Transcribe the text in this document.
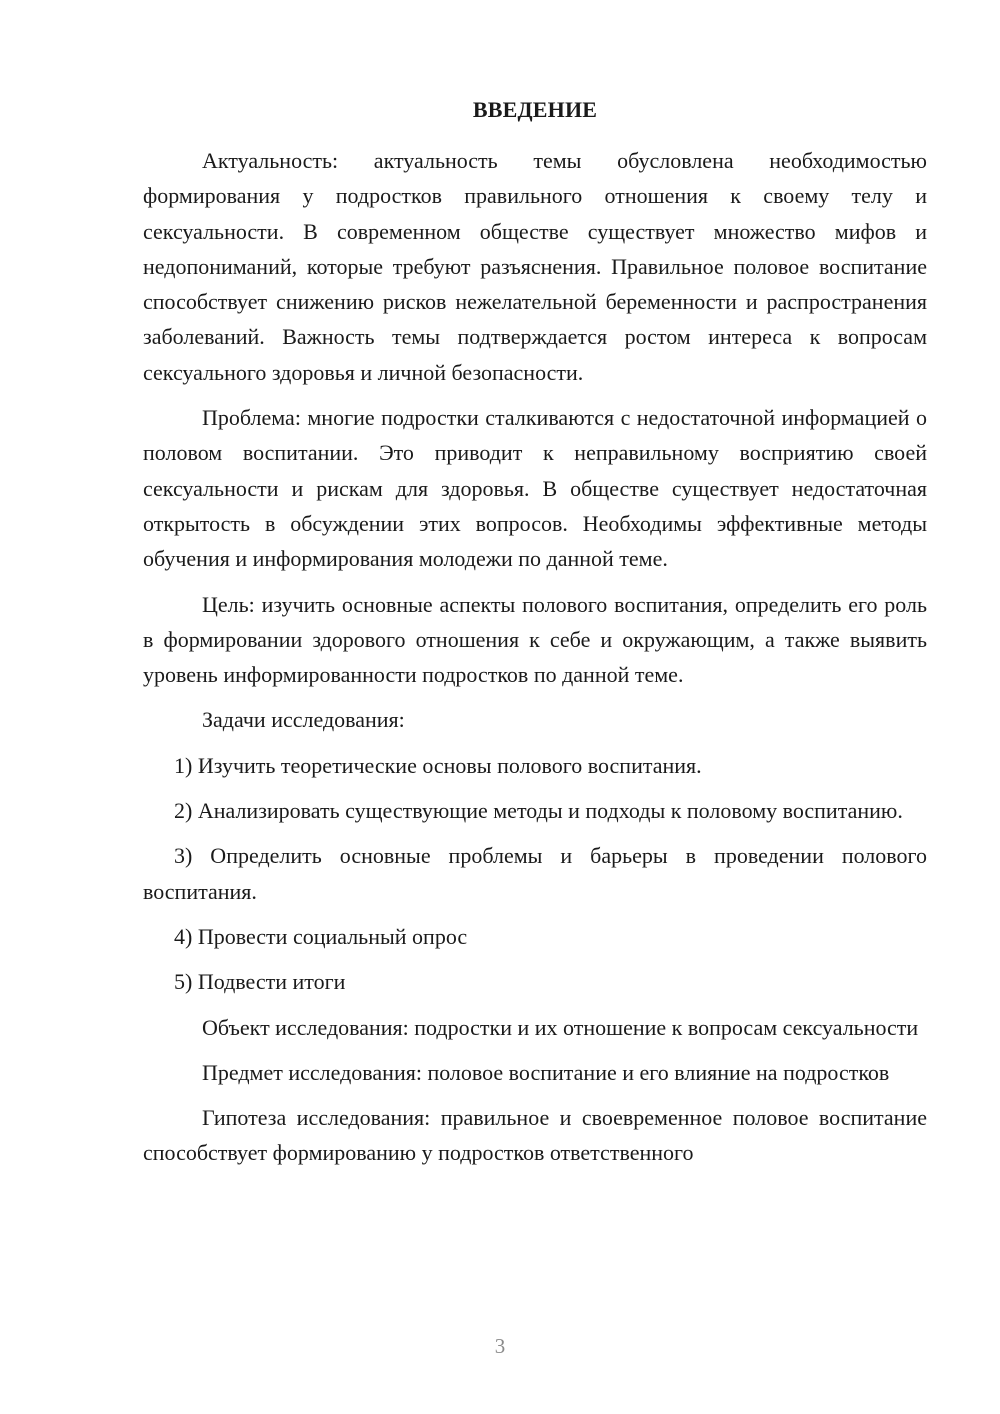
ВВЕДЕНИЕ

Актуальность: актуальность темы обусловлена необходимостью формирования у подростков правильного отношения к своему телу и сексуальности. В современном обществе существует множество мифов и недопониманий, которые требуют разъяснения. Правильное половое воспитание способствует снижению рисков нежелательной беременности и распространения заболеваний. Важность темы подтверждается ростом интереса к вопросам сексуального здоровья и личной безопасности.

Проблема: многие подростки сталкиваются с недостаточной информацией о половом воспитании. Это приводит к неправильному восприятию своей сексуальности и рискам для здоровья. В обществе существует недостаточная открытость в обсуждении этих вопросов. Необходимы эффективные методы обучения и информирования молодежи по данной теме.

Цель: изучить основные аспекты полового воспитания, определить его роль в формировании здорового отношения к себе и окружающим, а также выявить уровень информированности подростков по данной теме.

Задачи исследования:

1) Изучить теоретические основы полового воспитания.

2) Анализировать существующие методы и подходы к половому воспитанию.

3) Определить основные проблемы и барьеры в проведении полового воспитания.

4) Провести социальный опрос

5) Подвести итоги

Объект исследования: подростки и их отношение к вопросам сексуальности

Предмет исследования: половое воспитание и его влияние на подростков

Гипотеза исследования: правильное и своевременное половое воспитание способствует формированию у подростков ответственного

3
